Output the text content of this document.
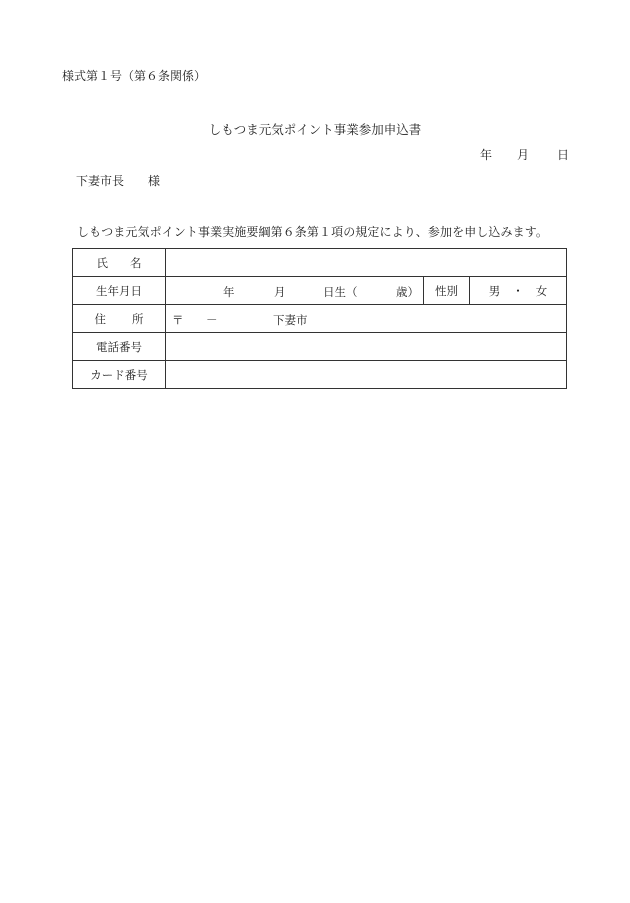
様式第１号（第６条関係）
しもつま元気ポイント事業参加申込書
年 月 日
下妻市長 様
しもつま元気ポイント事業実施要綱第６条第１項の規定により、参加を申し込みます。
氏 名			
生年月日	年 月 日生（ 歳）	性別	男 ・ 女
住 所	〒 － 下妻市		

電話番号			
カード番号			
